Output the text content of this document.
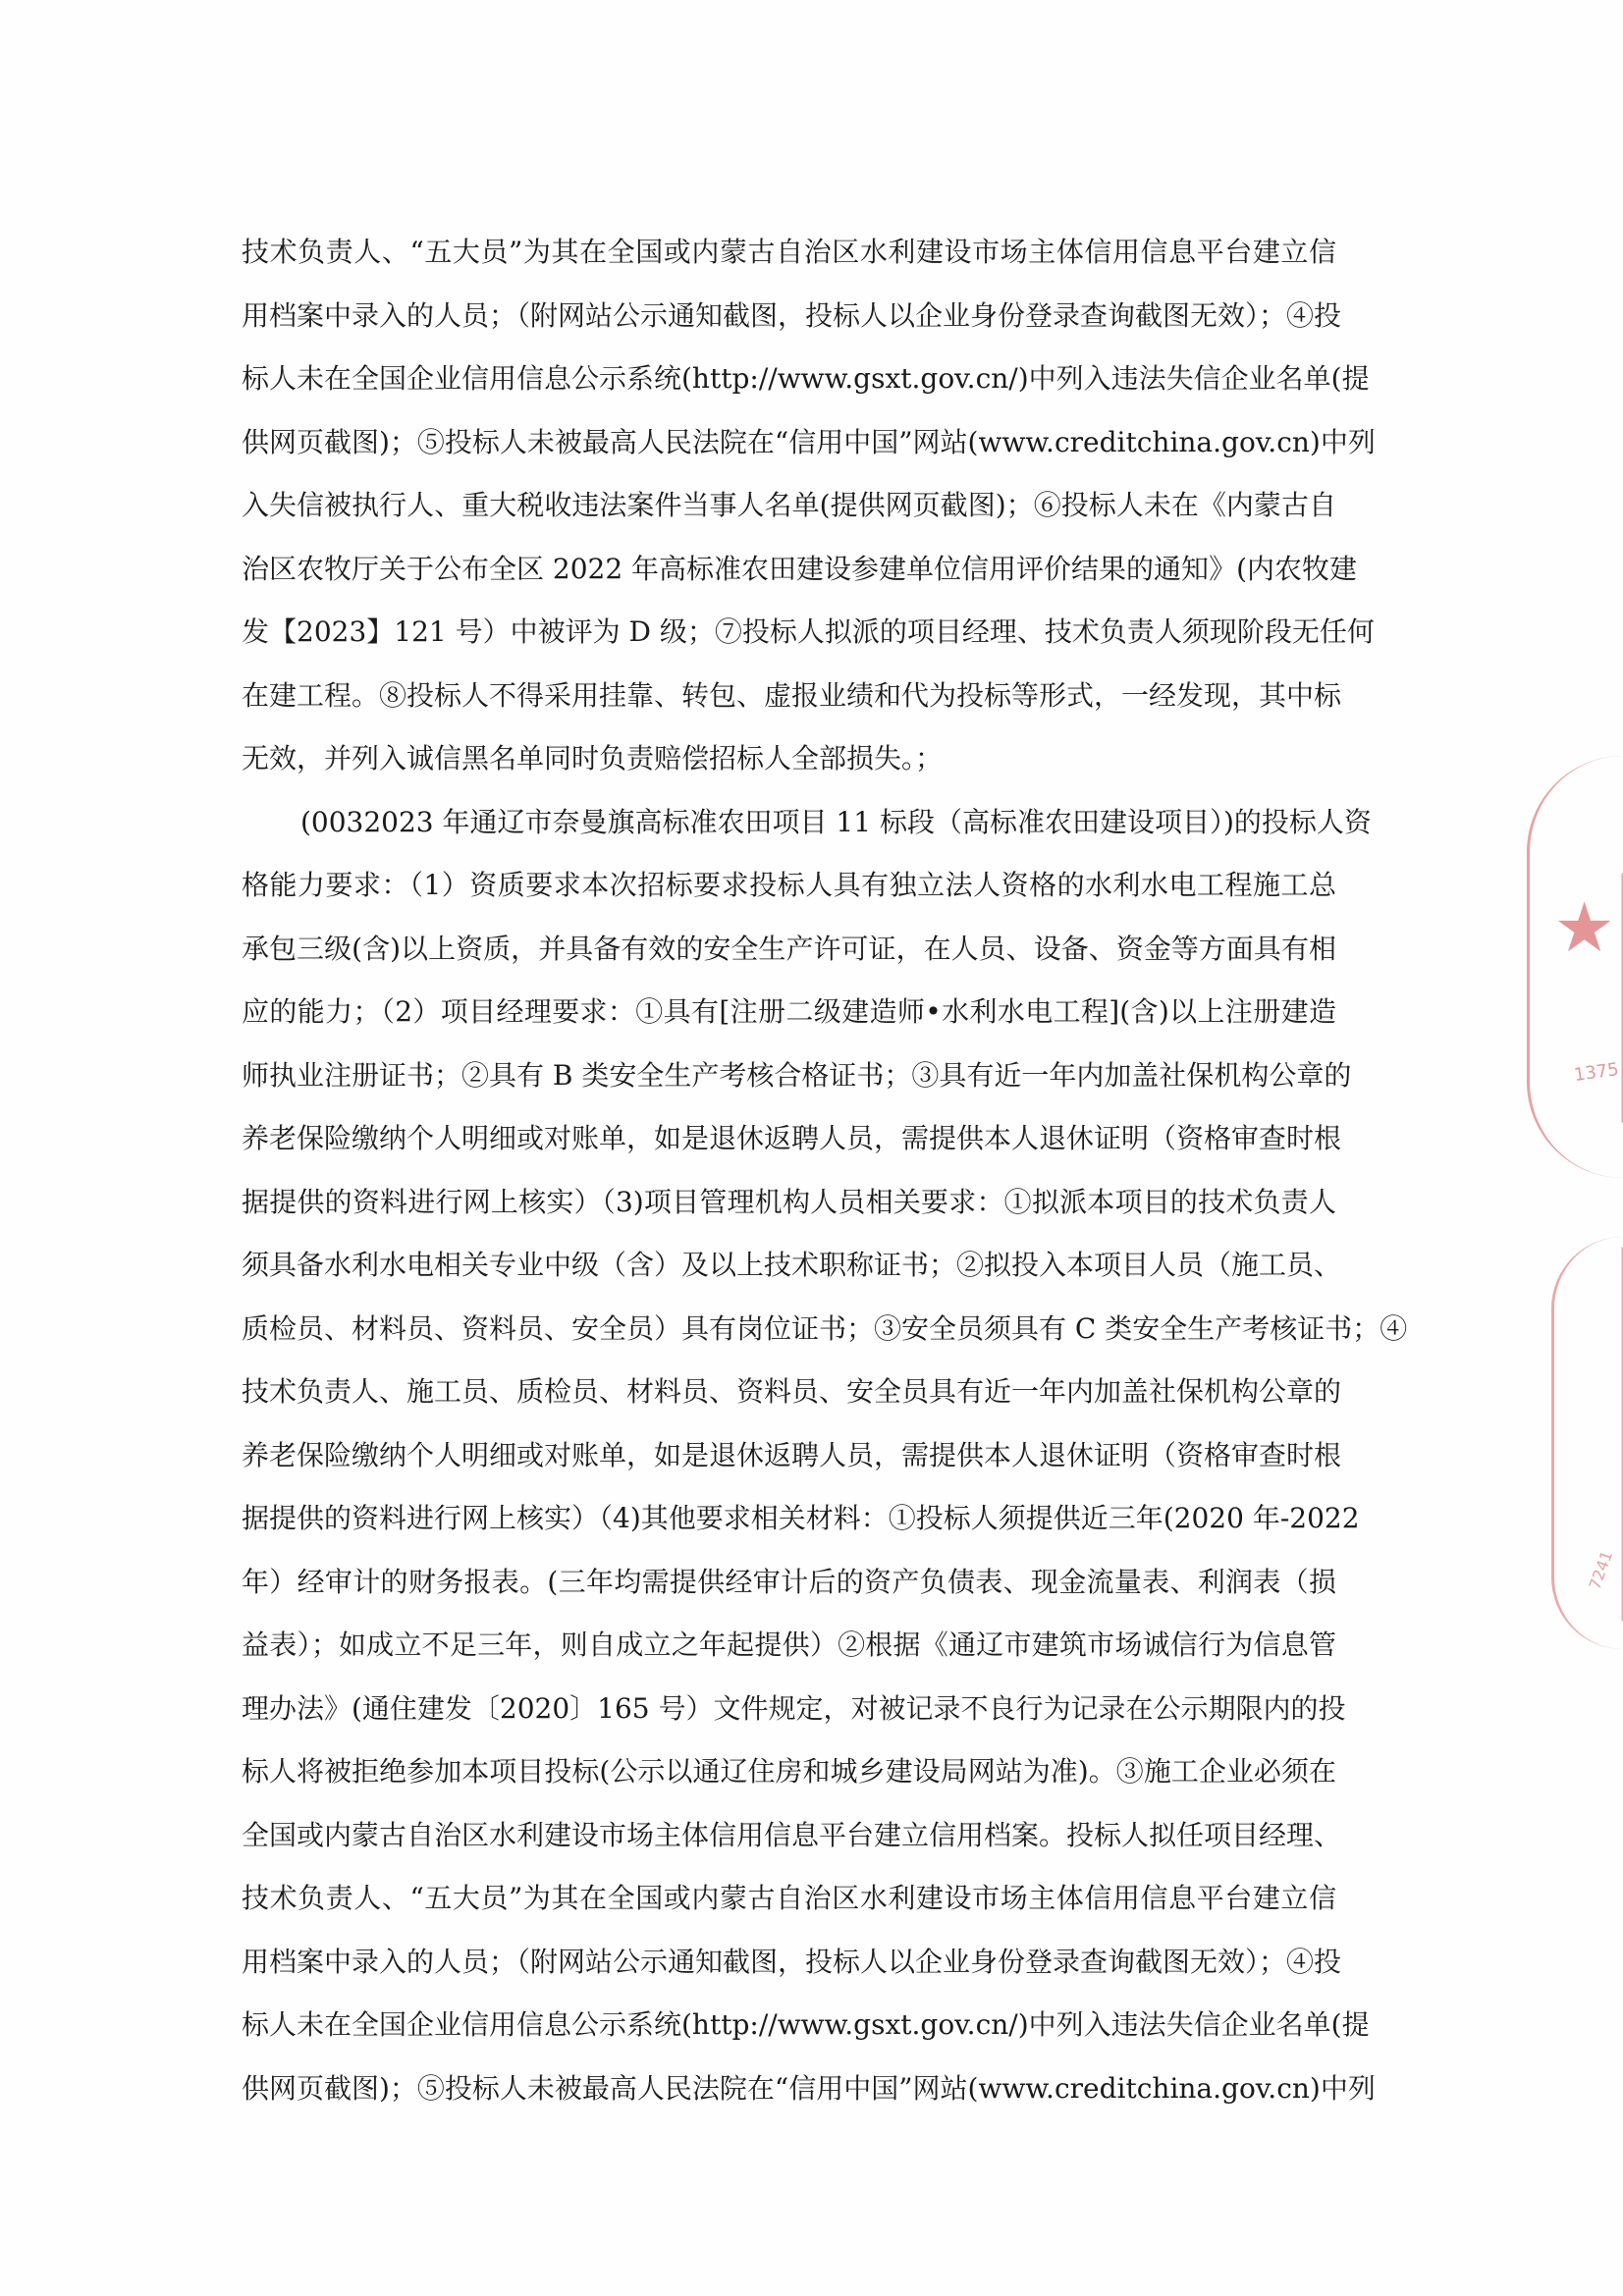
技术负责人、“五大员”为其在全国或内蒙古自治区水利建设市场主体信用信息平台建立信
用档案中录入的人员；（附网站公示通知截图，投标人以企业身份登录查询截图无效）；④投
标人未在全国企业信用信息公示系统(http://www.gsxt.gov.cn/)中列入违法失信企业名单(提
供网页截图)；⑤投标人未被最高人民法院在“信用中国”网站(www.creditchina.gov.cn)中列
入失信被执行人、重大税收违法案件当事人名单(提供网页截图)；⑥投标人未在《内蒙古自
治区农牧厅关于公布全区 2022 年高标准农田建设参建单位信用评价结果的通知》(内农牧建
发【2023】121 号）中被评为 D 级；⑦投标人拟派的项目经理、技术负责人须现阶段无任何
在建工程。⑧投标人不得采用挂靠、转包、虚报业绩和代为投标等形式，一经发现，其中标
无效，并列入诚信黑名单同时负责赔偿招标人全部损失。；
(0032023 年通辽市奈曼旗高标准农田项目 11 标段（高标准农田建设项目）)的投标人资
格能力要求：（1）资质要求本次招标要求投标人具有独立法人资格的水利水电工程施工总
承包三级(含)以上资质，并具备有效的安全生产许可证，在人员、设备、资金等方面具有相
应的能力；（2）项目经理要求：①具有[注册二级建造师•水利水电工程](含)以上注册建造
师执业注册证书；②具有 B 类安全生产考核合格证书；③具有近一年内加盖社保机构公章的
养老保险缴纳个人明细或对账单，如是退休返聘人员，需提供本人退休证明（资格审查时根
据提供的资料进行网上核实）（3)项目管理机构人员相关要求：①拟派本项目的技术负责人
须具备水利水电相关专业中级（含）及以上技术职称证书；②拟投入本项目人员（施工员、
质检员、材料员、资料员、安全员）具有岗位证书；③安全员须具有 C 类安全生产考核证书；④
技术负责人、施工员、质检员、材料员、资料员、安全员具有近一年内加盖社保机构公章的
养老保险缴纳个人明细或对账单，如是退休返聘人员，需提供本人退休证明（资格审查时根
据提供的资料进行网上核实）（4)其他要求相关材料：①投标人须提供近三年(2020 年-2022
年）经审计的财务报表。(三年均需提供经审计后的资产负债表、现金流量表、利润表（损
益表）；如成立不足三年，则自成立之年起提供）②根据《通辽市建筑市场诚信行为信息管
理办法》(通住建发〔2020〕165 号）文件规定，对被记录不良行为记录在公示期限内的投
标人将被拒绝参加本项目投标(公示以通辽住房和城乡建设局网站为准)。③施工企业必须在
全国或内蒙古自治区水利建设市场主体信用信息平台建立信用档案。投标人拟任项目经理、
技术负责人、“五大员”为其在全国或内蒙古自治区水利建设市场主体信用信息平台建立信
用档案中录入的人员；（附网站公示通知截图，投标人以企业身份登录查询截图无效）；④投
标人未在全国企业信用信息公示系统(http://www.gsxt.gov.cn/)中列入违法失信企业名单(提
供网页截图)；⑤投标人未被最高人民法院在“信用中国”网站(www.creditchina.gov.cn)中列
★
1375
7241
